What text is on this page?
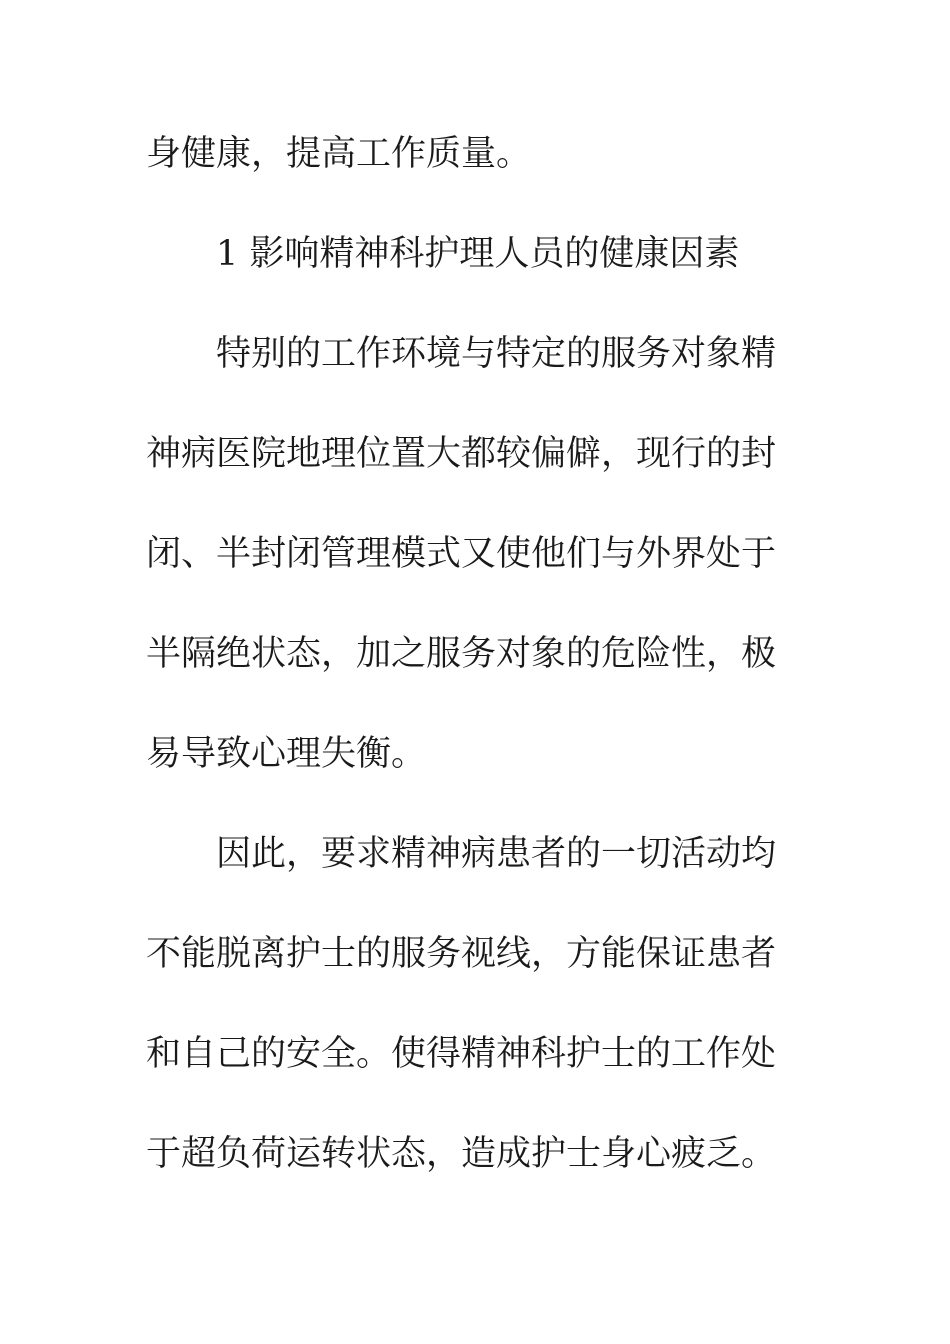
身健康，提高工作质量。
1 影响精神科护理人员的健康因素
特别的工作环境与特定的服务对象精
神病医院地理位置大都较偏僻，现行的封
闭、半封闭管理模式又使他们与外界处于
半隔绝状态，加之服务对象的危险性，极
易导致心理失衡。
因此，要求精神病患者的一切活动均
不能脱离护士的服务视线，方能保证患者
和自己的安全。使得精神科护士的工作处
于超负荷运转状态，造成护士身心疲乏。
